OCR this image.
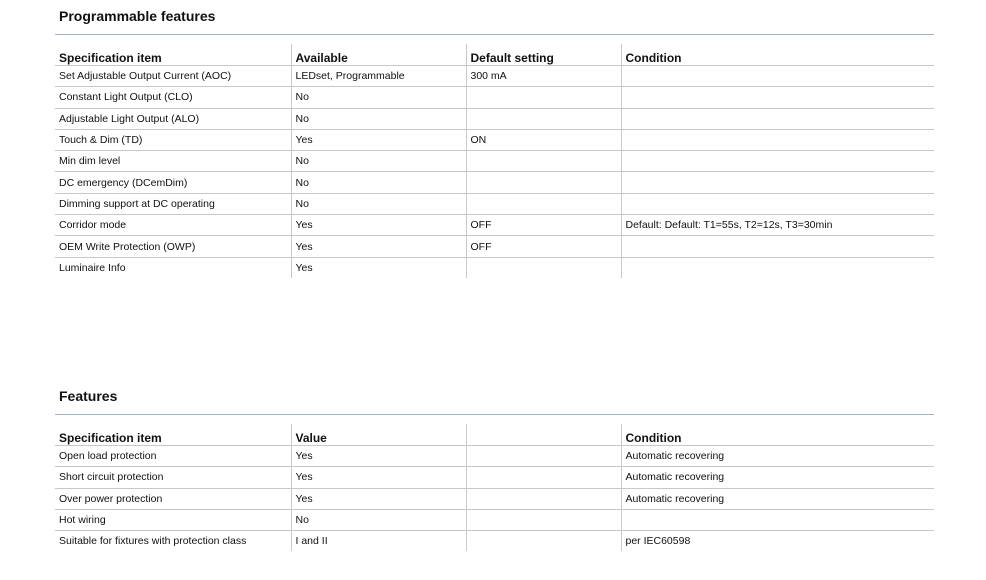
Programmable features
Specification item	Available	Default setting	Condition
Set Adjustable Output Current (AOC)	LEDset, Programmable	300 mA	
Constant Light Output (CLO)	No		
Adjustable Light Output (ALO)	No		
Touch & Dim (TD)	Yes	ON	
Min dim level	No		
DC emergency (DCemDim)	No		
Dimming support at DC operating	No		
Corridor mode	Yes	OFF	Default: Default: T1=55s, T2=12s, T3=30min
OEM Write Protection (OWP)	Yes	OFF	
Luminaire Info	Yes		
Features
Specification item	Value		Condition
Open load protection	Yes		Automatic recovering
Short circuit protection	Yes		Automatic recovering
Over power protection	Yes		Automatic recovering
Hot wiring	No		
Suitable for fixtures with protection class	I and II		per IEC60598
